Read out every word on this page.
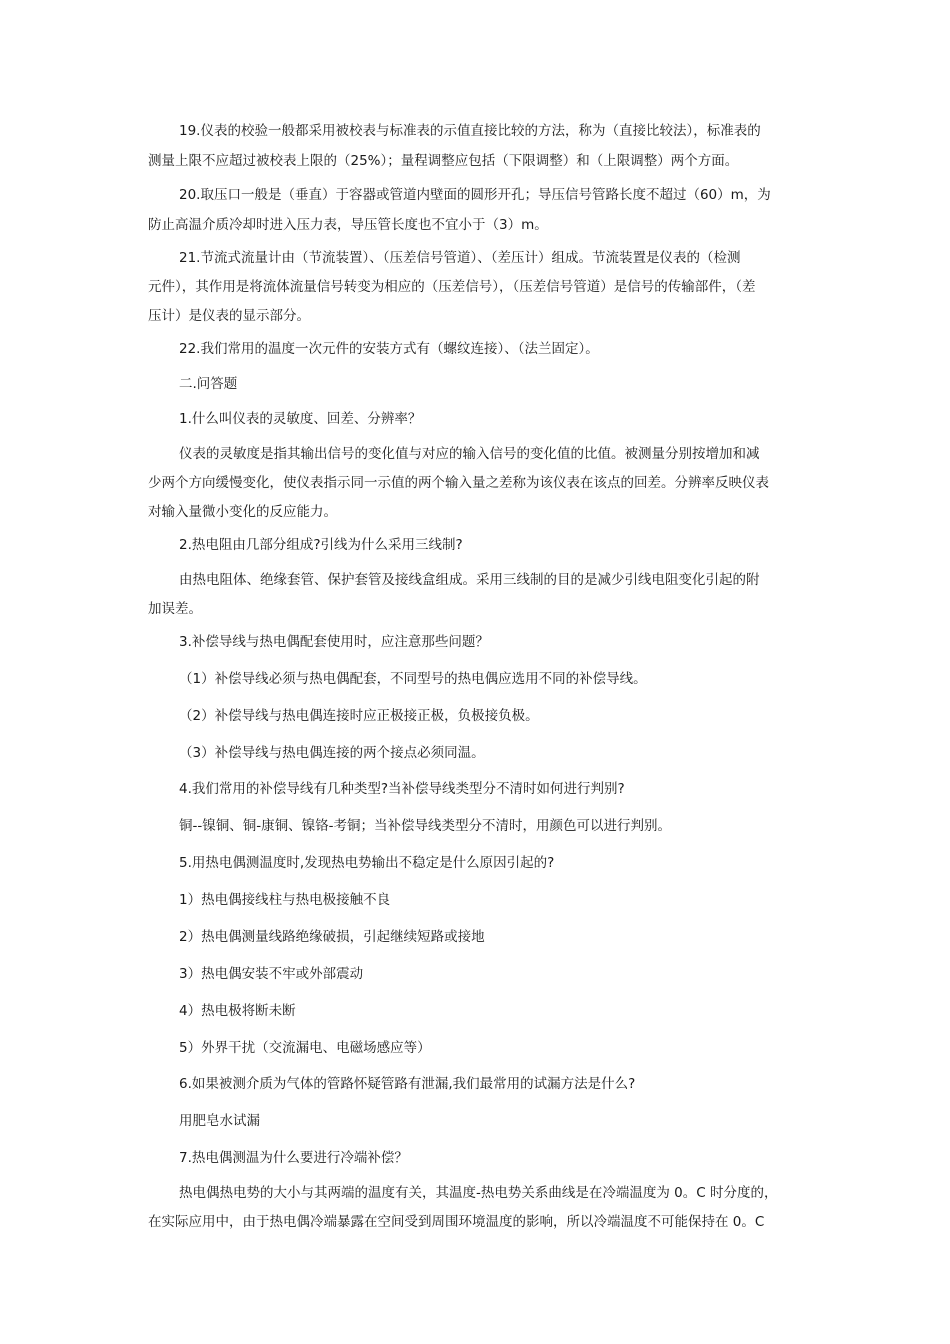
19.仪表的校验一般都采用被校表与标准表的示值直接比较的方法，称为（直接比较法），标准表的
测量上限不应超过被校表上限的（25%）；量程调整应包括（下限调整）和（上限调整）两个方面。
20.取压口一般是（垂直）于容器或管道内壁面的圆形开孔；导压信号管路长度不超过（60）m，为
防止高温介质冷却时进入压力表，导压管长度也不宜小于（3）m。
21.节流式流量计由（节流装置）、（压差信号管道）、（差压计）组成。节流装置是仪表的（检测
元件），其作用是将流体流量信号转变为相应的（压差信号），（压差信号管道）是信号的传输部件，（差
压计）是仪表的显示部分。
22.我们常用的温度一次元件的安装方式有（螺纹连接）、（法兰固定）。
二.问答题
1.什么叫仪表的灵敏度、回差、分辨率？
仪表的灵敏度是指其输出信号的变化值与对应的输入信号的变化值的比值。被测量分别按增加和减
少两个方向缓慢变化，使仪表指示同一示值的两个输入量之差称为该仪表在该点的回差。分辨率反映仪表
对输入量微小变化的反应能力。
2.热电阻由几部分组成?引线为什么采用三线制?
由热电阻体、绝缘套管、保护套管及接线盒组成。采用三线制的目的是减少引线电阻变化引起的附
加误差。
3.补偿导线与热电偶配套使用时，应注意那些问题？
（1）补偿导线必须与热电偶配套，不同型号的热电偶应选用不同的补偿导线。
（2）补偿导线与热电偶连接时应正极接正极，负极接负极。
（3）补偿导线与热电偶连接的两个接点必须同温。
4.我们常用的补偿导线有几种类型?当补偿导线类型分不清时如何进行判别?
铜--镍铜、铜-康铜、镍铬-考铜；当补偿导线类型分不清时，用颜色可以进行判别。
5.用热电偶测温度时,发现热电势输出不稳定是什么原因引起的?
1）热电偶接线柱与热电极接触不良
2）热电偶测量线路绝缘破损，引起继续短路或接地
3）热电偶安装不牢或外部震动
4）热电极将断未断
5）外界干扰（交流漏电、电磁场感应等）
6.如果被测介质为气体的管路怀疑管路有泄漏,我们最常用的试漏方法是什么?
用肥皂水试漏
7.热电偶测温为什么要进行冷端补偿？
热电偶热电势的大小与其两端的温度有关，其温度-热电势关系曲线是在冷端温度为 0。C 时分度的，
在实际应用中，由于热电偶冷端暴露在空间受到周围环境温度的影响，所以冷端温度不可能保持在 0。C
